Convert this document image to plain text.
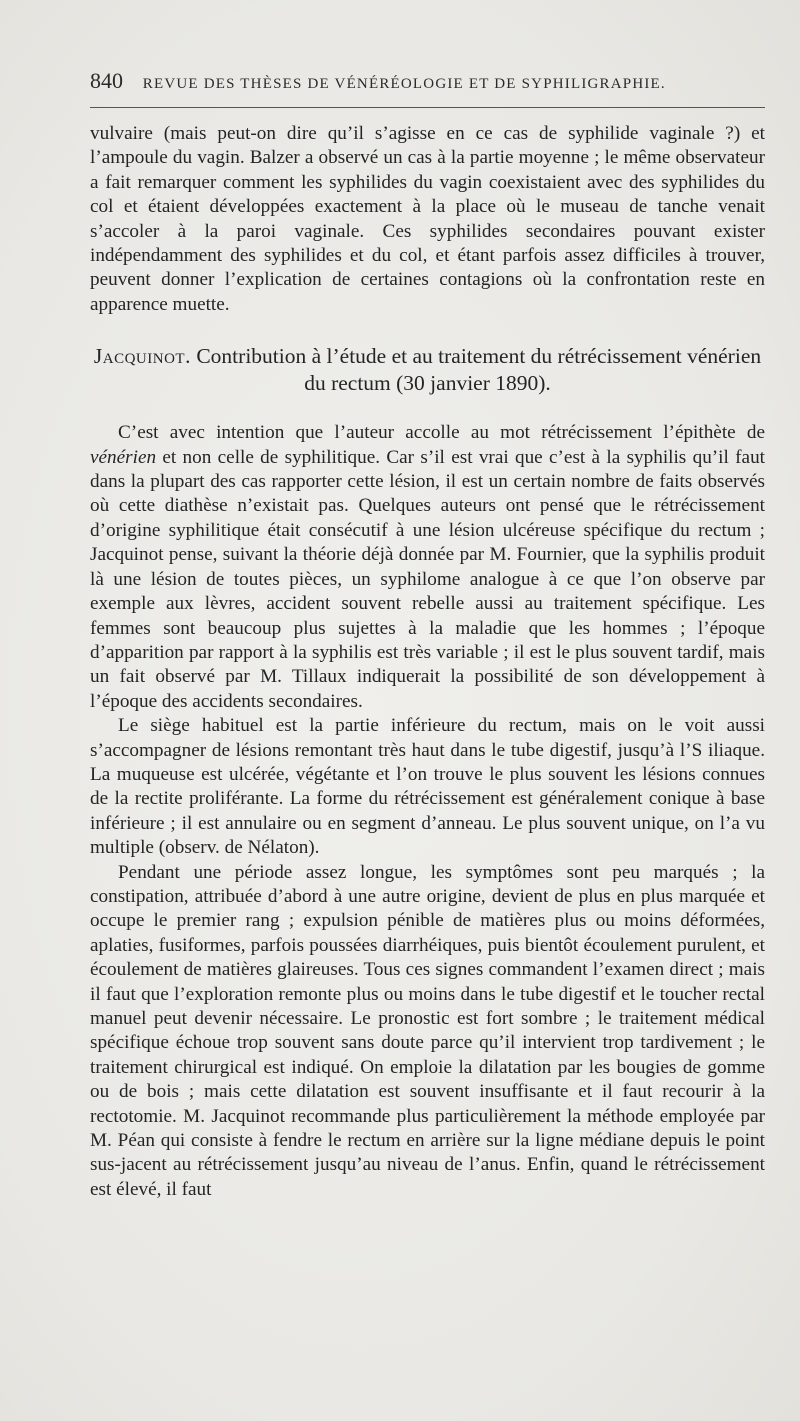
840 REVUE DES THÈSES DE VÉNÉRÉOLOGIE ET DE SYPHILIGRAPHIE.

vulvaire (mais peut-on dire qu’il s’agisse en ce cas de syphilide vaginale ?) et l’ampoule du vagin. Balzer a observé un cas à la partie moyenne ; le même observateur a fait remarquer comment les syphilides du vagin coexistaient avec des syphilides du col et étaient développées exactement à la place où le museau de tanche venait s’accoler à la paroi vaginale. Ces syphilides secondaires pouvant exister indépendamment des syphilides et du col, et étant parfois assez difficiles à trouver, peuvent donner l’explication de certaines contagions où la confrontation reste en apparence muette.

Jacquinot. Contribution à l’étude et au traitement du rétrécissement vénérien du rectum (30 janvier 1890).

C’est avec intention que l’auteur accolle au mot rétrécissement l’épithète de vénérien et non celle de syphilitique. Car s’il est vrai que c’est à la syphilis qu’il faut dans la plupart des cas rapporter cette lésion, il est un certain nombre de faits observés où cette diathèse n’existait pas. Quelques auteurs ont pensé que le rétrécissement d’origine syphilitique était consécutif à une lésion ulcéreuse spécifique du rectum ; Jacquinot pense, suivant la théorie déjà donnée par M. Fournier, que la syphilis produit là une lésion de toutes pièces, un syphilome analogue à ce que l’on observe par exemple aux lèvres, accident souvent rebelle aussi au traitement spécifique. Les femmes sont beaucoup plus sujettes à la maladie que les hommes ; l’époque d’apparition par rapport à la syphilis est très variable ; il est le plus souvent tardif, mais un fait observé par M. Tillaux indiquerait la possibilité de son développement à l’époque des accidents secondaires.

Le siège habituel est la partie inférieure du rectum, mais on le voit aussi s’accompagner de lésions remontant très haut dans le tube digestif, jusqu’à l’S iliaque. La muqueuse est ulcérée, végétante et l’on trouve le plus souvent les lésions connues de la rectite proliférante. La forme du rétrécissement est généralement conique à base inférieure ; il est annulaire ou en segment d’anneau. Le plus souvent unique, on l’a vu multiple (observ. de Nélaton).

Pendant une période assez longue, les symptômes sont peu marqués ; la constipation, attribuée d’abord à une autre origine, devient de plus en plus marquée et occupe le premier rang ; expulsion pénible de matières plus ou moins déformées, aplaties, fusiformes, parfois poussées diarrhéiques, puis bientôt écoulement purulent, et écoulement de matières glaireuses. Tous ces signes commandent l’examen direct ; mais il faut que l’exploration remonte plus ou moins dans le tube digestif et le toucher rectal manuel peut devenir nécessaire. Le pronostic est fort sombre ; le traitement médical spécifique échoue trop souvent sans doute parce qu’il intervient trop tardivement ; le traitement chirurgical est indiqué. On emploie la dilatation par les bougies de gomme ou de bois ; mais cette dilatation est souvent insuffisante et il faut recourir à la rectotomie. M. Jacquinot recommande plus particulièrement la méthode employée par M. Péan qui consiste à fendre le rectum en arrière sur la ligne médiane depuis le point sus-jacent au rétrécissement jusqu’au niveau de l’anus. Enfin, quand le rétrécissement est élevé, il faut
